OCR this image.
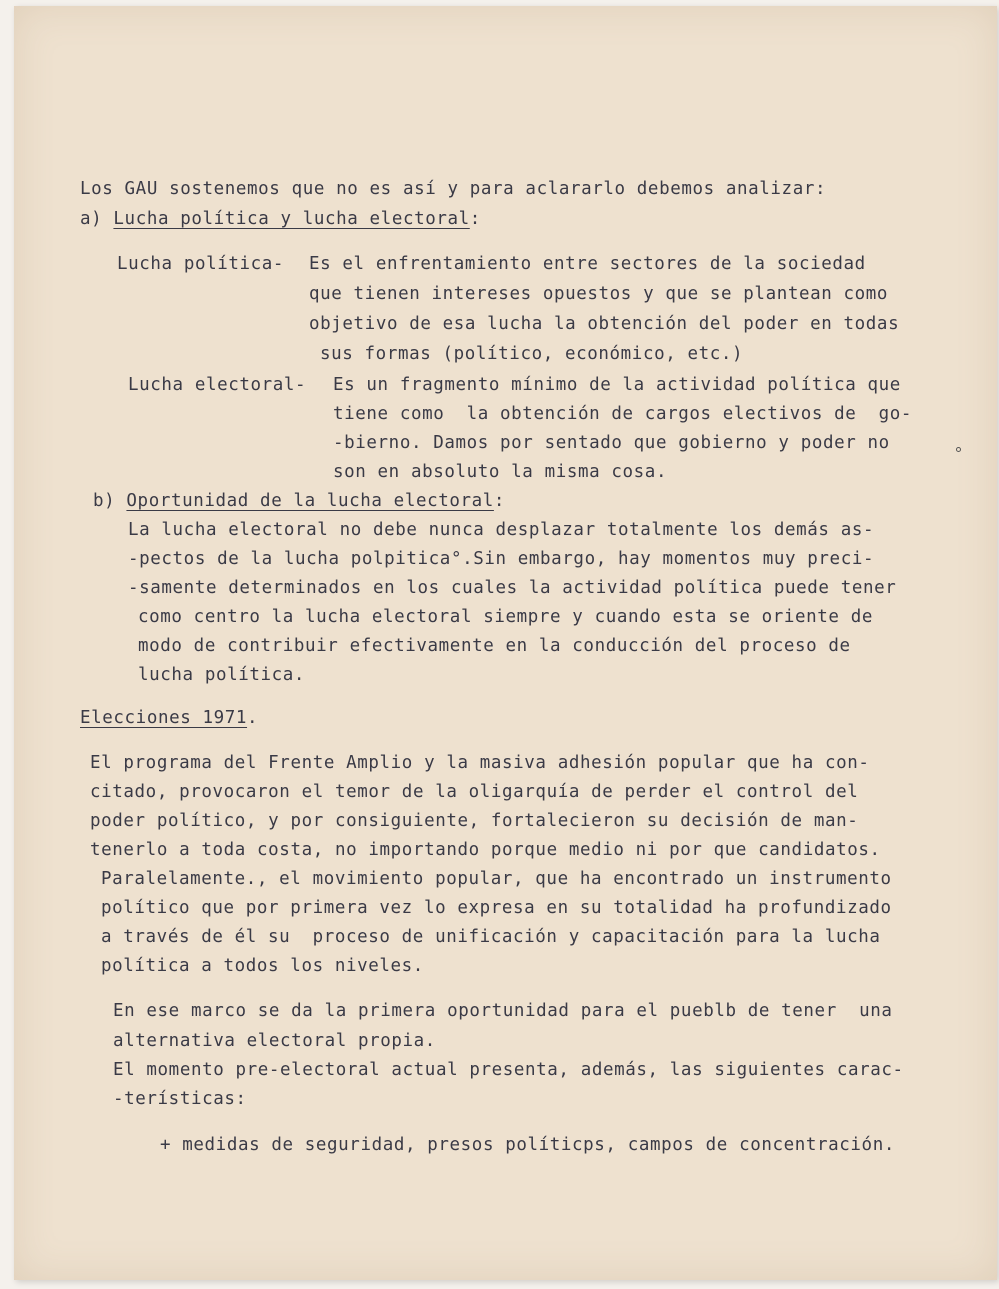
Los GAU sostenemos que no es así y para aclararlo debemos analizar:
a) Lucha política y lucha electoral:
Lucha política- Es el enfrentamiento entre sectores de la sociedad
que tienen intereses opuestos y que se plantean como
objetivo de esa lucha la obtención del poder en todas
sus formas (político, económico, etc.)
Lucha electoral- Es un fragmento mínimo de la actividad política que
tiene como  la obtención de cargos electivos de  go-
-bierno. Damos por sentado que gobierno y poder no
son en absoluto la misma cosa.
b) Oportunidad de la lucha electoral:
La lucha electoral no debe nunca desplazar totalmente los demás as-
-pectos de la lucha polpitica°.Sin embargo, hay momentos muy preci-
-samente determinados en los cuales la actividad política puede tener
como centro la lucha electoral siempre y cuando esta se oriente de
modo de contribuir efectivamente en la conducción del proceso de
lucha política.
Elecciones 1971.
El programa del Frente Amplio y la masiva adhesión popular que ha con-
citado, provocaron el temor de la oligarquía de perder el control del
poder político, y por consiguiente, fortalecieron su decisión de man-
tenerlo a toda costa, no importando porque medio ni por que candidatos.
Paralelamente., el movimiento popular, que ha encontrado un instrumento
político que por primera vez lo expresa en su totalidad ha profundizado
a través de él su  proceso de unificación y capacitación para la lucha
política a todos los niveles.
En ese marco se da la primera oportunidad para el pueblb de tener  una
alternativa electoral propia.
El momento pre-electoral actual presenta, además, las siguientes carac-
-terísticas:
+ medidas de seguridad, presos políticps, campos de concentración.
